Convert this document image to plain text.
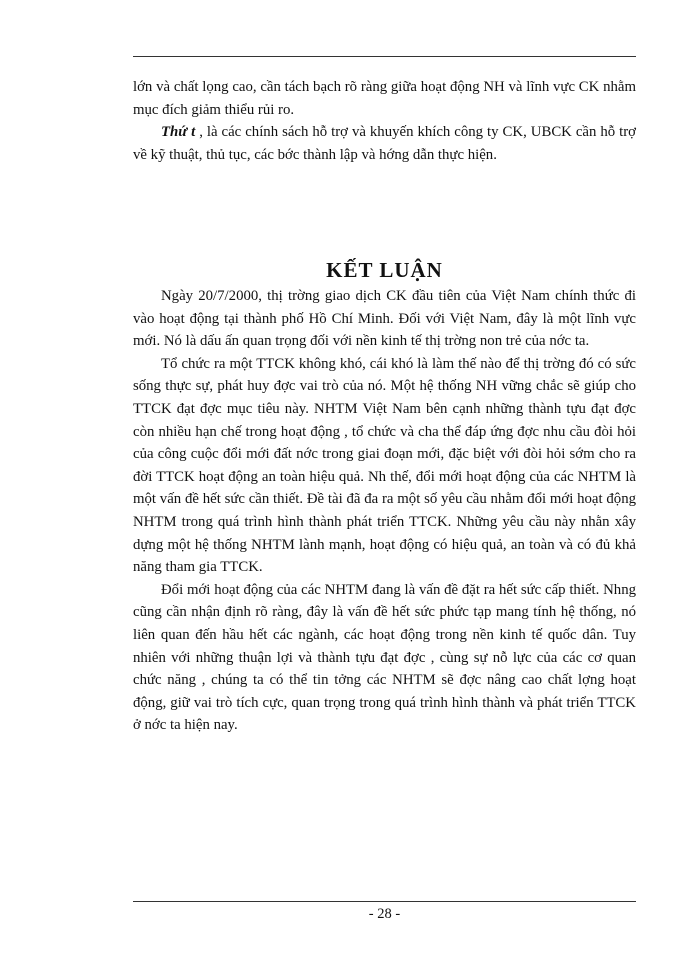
lớn và chất lọng cao, cần tách bạch rõ ràng giữa hoạt động NH và lĩnh vực CK nhằm mục đích giảm thiểu rủi ro.

Thứ t , là các chính sách hỗ trợ và khuyến khích công ty CK, UBCK cần hỗ trợ về kỹ thuật, thủ tục, các bớc thành lập và hớng dẫn thực hiện.

KẾT LUẬN

Ngày 20/7/2000, thị trờng giao dịch CK đầu tiên của Việt Nam chính thức đi vào hoạt động tại thành phố Hồ Chí Minh. Đối với Việt Nam, đây là một lĩnh vực mới. Nó là dấu ấn quan trọng đối với nền kinh tế thị trờng non trẻ của nớc ta.

Tổ chức ra một TTCK không khó, cái khó là làm thế nào để thị trờng đó có sức sống thực sự, phát huy đợc vai trò của nó. Một hệ thống NH vững chắc sẽ giúp cho TTCK đạt đợc mục tiêu này. NHTM Việt Nam bên cạnh những thành tựu đạt đợc còn nhiều hạn chế trong hoạt động , tổ chức và cha thể đáp ứng đợc nhu cầu đòi hỏi của công cuộc đổi mới đất nớc trong giai đoạn mới, đặc biệt với đòi hỏi sớm cho ra đời TTCK hoạt động an toàn hiệu quả. Nh thế, đổi mới hoạt động của các NHTM là một vấn đề hết sức cần thiết. Đề tài đã đa ra một số yêu cầu nhằm đổi mới hoạt động NHTM trong quá trình hình thành phát triển TTCK. Những yêu cầu này nhằn xây dựng một hệ thống NHTM lành mạnh, hoạt động có hiệu quả, an toàn và có đủ khả năng tham gia TTCK.

Đổi mới hoạt động của các NHTM đang là vấn đề đặt ra hết sức cấp thiết. Nhng cũng cần nhận định rõ ràng, đây là vấn đề hết sức phức tạp mang tính hệ thống, nó liên quan đến hầu hết các ngành, các hoạt động trong nền kinh tế quốc dân. Tuy nhiên với những thuận lợi và thành tựu đạt đợc , cùng sự nỗ lực của các cơ quan chức năng , chúng ta có thể tin tởng các NHTM sẽ đợc nâng cao chất lợng hoạt động, giữ vai trò tích cực, quan trọng trong quá trình hình thành và phát triển TTCK ở nớc ta hiện nay.

- 28 -
